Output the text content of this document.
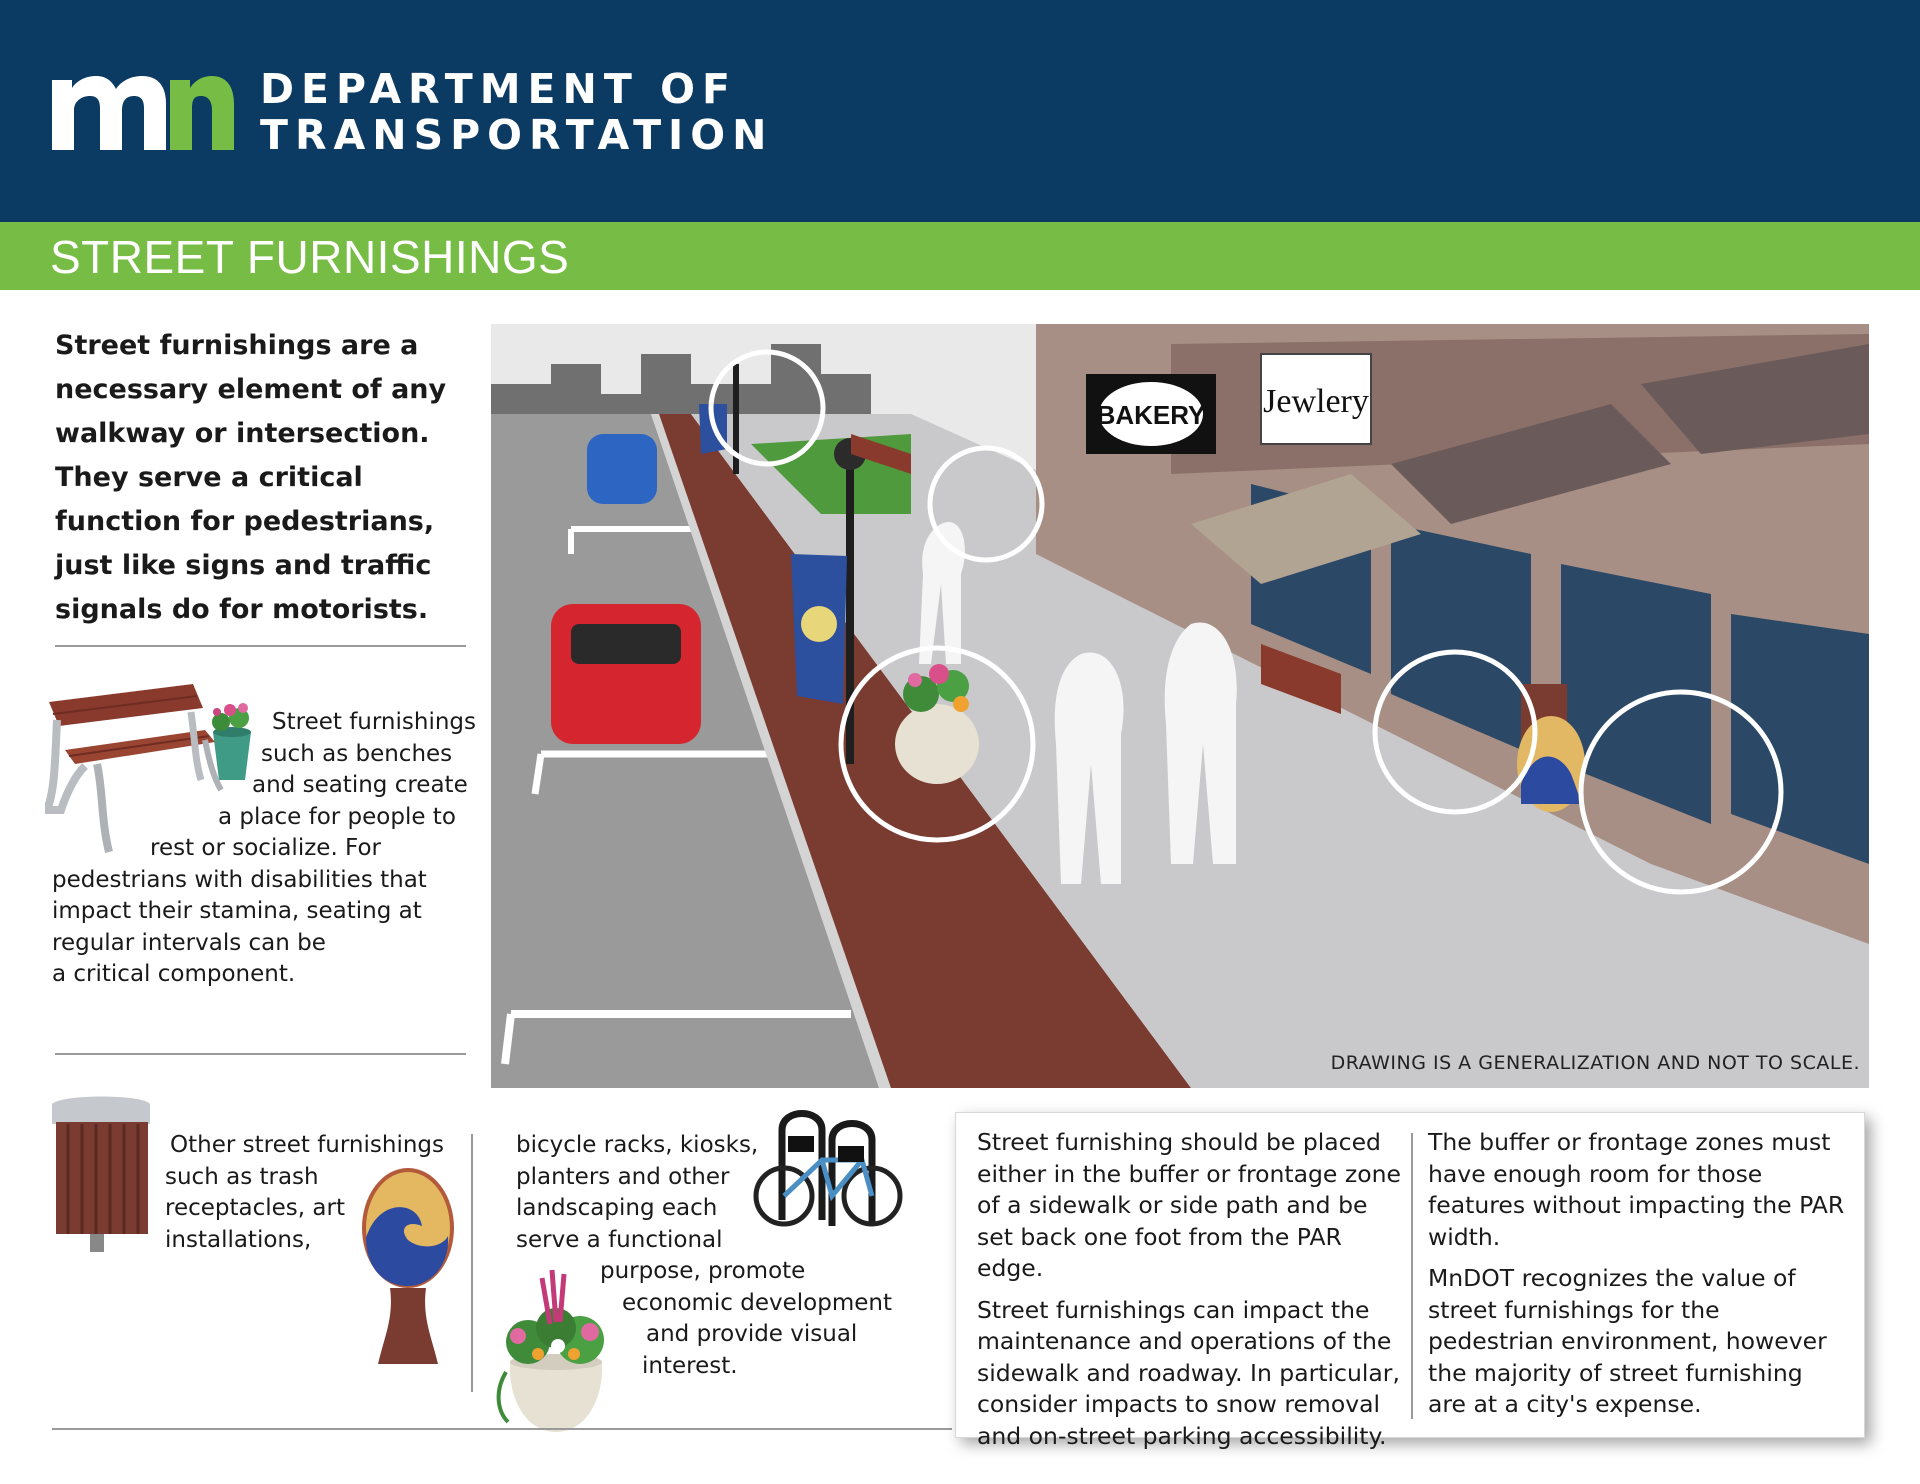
DEPARTMENT OF
TRANSPORTATION
STREET FURNISHINGS
Street furnishings are a necessary element of any walkway or intersection. They serve a critical function for pedestrians, just like signs and traffic signals do for motorists.
Street furnishings
such as benches
and seating create
a place for people to
rest or socialize. For
pedestrians with disabilities that
impact their stamina, seating at
regular intervals can be
a critical component.
BAKERY Jewlery
DRAWING IS A GENERALIZATION AND NOT TO SCALE.
Other street furnishings
such as trash
receptacles, art
installations,
bicycle racks, kiosks,
planters and other
landscaping each
serve a functional
purpose, promote
economic development
and provide visual
interest.

Street furnishing should be placed either in the buffer or frontage zone of a sidewalk or side path and be set back one foot from the PAR edge.

Street furnishings can impact the maintenance and operations of the sidewalk and roadway. In particular, consider impacts to snow removal and on-street parking accessibility.

The buffer or frontage zones must have enough room for those features without impacting the PAR width.

MnDOT recognizes the value of street furnishings for the pedestrian environment, however the majority of street furnishing are at a city's expense.
